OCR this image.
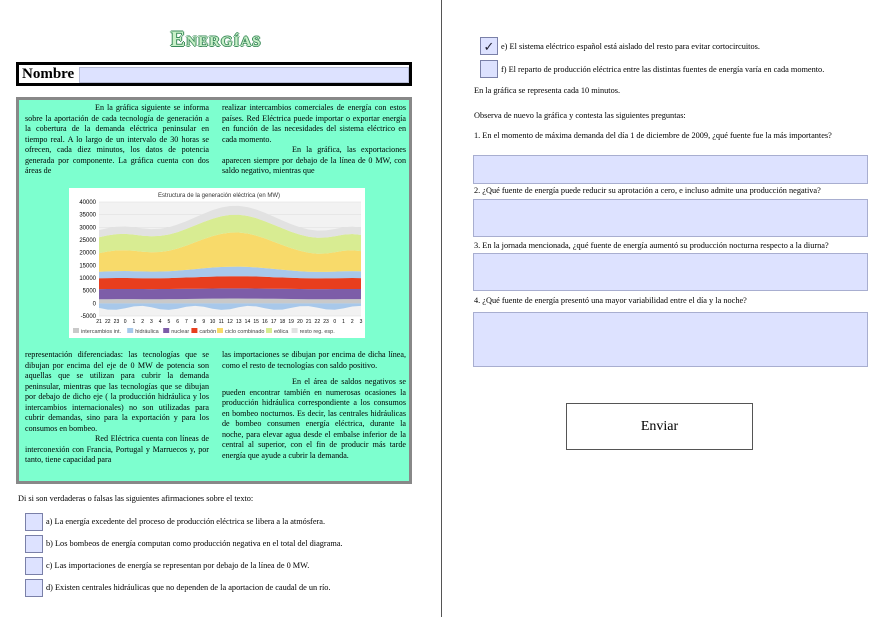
Energías
Nombre

En la gráfica siguiente se informa sobre la aportación de cada tecnología de generación a la cobertura de la demanda eléctrica peninsular en tiempo real. A lo largo de un intervalo de 30 horas se ofrecen, cada diez minutos, los datos de potencia generada por componente. La gráfica cuenta con dos áreas de

realizar intercambios comerciales de energía con estos países. Red Eléctrica puede importar o exportar energía en función de las necesidades del sistema eléctrico en cada momento.

En la gráfica, las exportaciones aparecen siempre por debajo de la línea de 0 MW, con saldo negativo, mientras que

Estructura de la generación eléctrica (en MW)
40000
35000
30000
25000
20000
15000
10000
5000
0
-5000
21 22 23 0 1 2 3 4 5 6 7 8 9 10 11 12 13 14 15 16 17 18 19 20 21 22 23 0 1 2 3
intercambios int.	hidráulica nuclear carbón ciclo combinado eólica resto reg. esp.

representación diferenciadas: las tecnologías que se dibujan por encima del eje de 0 MW de potencia son aquellas que se utilizan para cubrir la demanda peninsular, mientras que las tecnologías que se dibujan por debajo de dicho eje ( la producción hidráulica y los intercambios internacionales) no son utilizadas para cubrir demandas, sino para la exportación y para los consumos en bombeo.

Red Eléctrica cuenta con líneas de interconexión con Francia, Portugal y Marruecos y, por tanto, tiene capacidad para

las importaciones se dibujan por encima de dicha línea, como el resto de tecnologías con saldo positivo.

En el área de saldos negativos se pueden encontrar también en numerosas ocasiones la producción hidráulica correspondiente a los consumos en bombeo nocturnos. Es decir, las centrales hidráulicas de bombeo consumen energía eléctrica, durante la noche, para elevar agua desde el embalse inferior de la central al superior, con el fin de producir más tarde energía que ayude a cubrir la demanda.

Di si son verdaderas o falsas las siguientes afirmaciones sobre el texto:
a) La energía excedente del proceso de producción eléctrica se libera a la atmósfera.
b) Los bombeos de energía computan como producción negativa en el total del diagrama.
c) Las importaciones de energía se representan por debajo de la línea de 0 MW.
d) Existen centrales hidráulicas que no dependen de la aportacion de caudal de un río.
✓ e) El sistema eléctrico español está aislado del resto para evitar cortocircuitos.
f) El reparto de producción eléctrica entre las distintas fuentes de energía varía en cada momento.
En la gráfica se representa cada 10 minutos.
Observa de nuevo la gráfica y contesta las siguientes preguntas:
1. En el momento de máxima demanda del día 1 de diciembre de 2009, ¿qué fuente fue la más importantes?
2. ¿Qué fuente de energía puede reducir su aprotación a cero, e incluso admite una producción negativa?
3. En la jornada mencionada, ¿qué fuente de energía aumentó su producción nocturna respecto a la diurna?
4. ¿Qué fuente de energía presentó una mayor variabilidad entre el día y la noche?
Enviar
